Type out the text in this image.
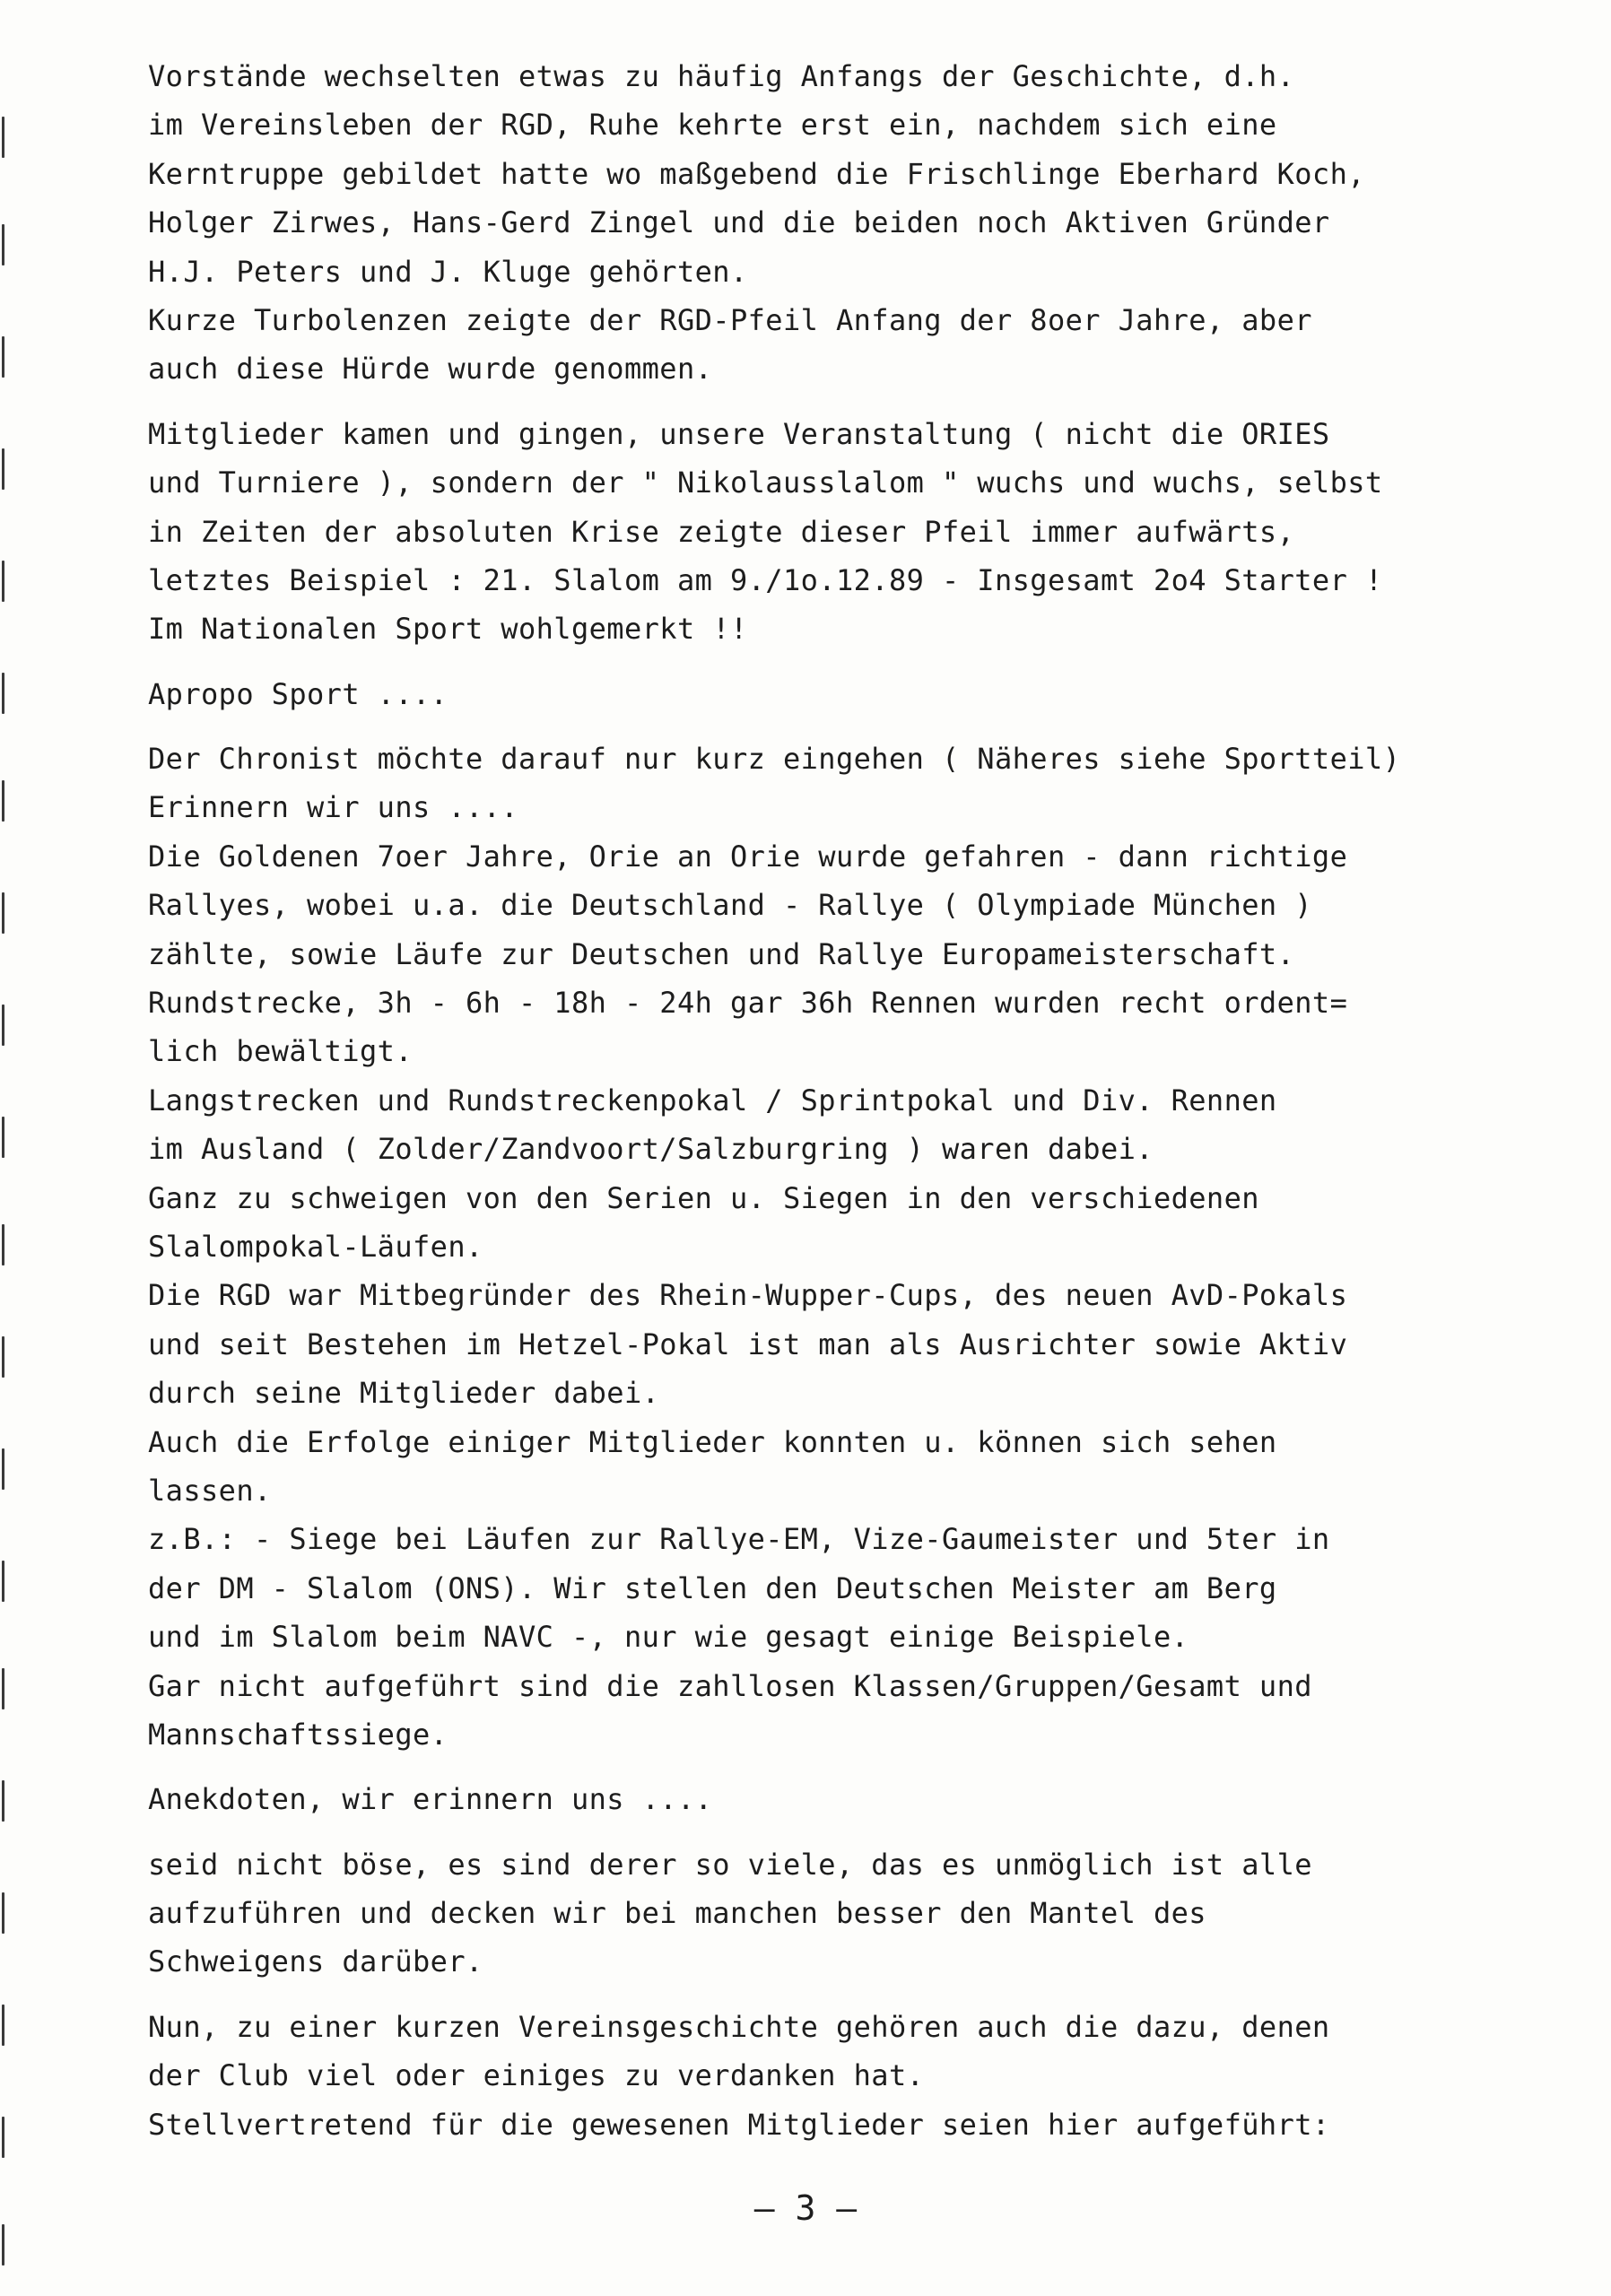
Vorstände wechselten etwas zu häufig Anfangs der Geschichte, d.h.
im Vereinsleben der RGD, Ruhe kehrte erst ein, nachdem sich eine
Kerntruppe gebildet hatte wo maßgebend die Frischlinge Eberhard Koch,
Holger Zirwes, Hans-Gerd Zingel und die beiden noch Aktiven Gründer
H.J. Peters und J. Kluge gehörten.
Kurze Turbolenzen zeigte der RGD-Pfeil Anfang der 8oer Jahre, aber
auch diese Hürde wurde genommen.
Mitglieder kamen und gingen, unsere Veranstaltung ( nicht die ORIES
und Turniere ), sondern der " Nikolausslalom " wuchs und wuchs, selbst
in Zeiten der absoluten Krise zeigte dieser Pfeil immer aufwärts,
letztes Beispiel : 21. Slalom am 9./1o.12.89 - Insgesamt 2o4 Starter !
Im Nationalen Sport wohlgemerkt !!
Apropo Sport ....
Der Chronist möchte darauf nur kurz eingehen ( Näheres siehe Sportteil)
Erinnern wir uns ....
Die Goldenen 7oer Jahre, Orie an Orie wurde gefahren - dann richtige
Rallyes, wobei u.a. die Deutschland - Rallye ( Olympiade München )
zählte, sowie Läufe zur Deutschen und Rallye Europameisterschaft.
Rundstrecke, 3h - 6h - 18h - 24h gar 36h Rennen wurden recht ordent=
lich bewältigt.
Langstrecken und Rundstreckenpokal / Sprintpokal und Div. Rennen
im Ausland ( Zolder/Zandvoort/Salzburgring ) waren dabei.
Ganz zu schweigen von den Serien u. Siegen in den verschiedenen
Slalompokal-Läufen.
Die RGD war Mitbegründer des Rhein-Wupper-Cups, des neuen AvD-Pokals
und seit Bestehen im Hetzel-Pokal ist man als Ausrichter sowie Aktiv
durch seine Mitglieder dabei.
Auch die Erfolge einiger Mitglieder konnten u. können sich sehen
lassen.
z.B.: - Siege bei Läufen zur Rallye-EM, Vize-Gaumeister und 5ter in
der DM - Slalom (ONS). Wir stellen den Deutschen Meister am Berg
und im Slalom beim NAVC -, nur wie gesagt einige Beispiele.
Gar nicht aufgeführt sind die zahllosen Klassen/Gruppen/Gesamt und
Mannschaftssiege.
Anekdoten, wir erinnern uns ....
seid nicht böse, es sind derer so viele, das es unmöglich ist alle
aufzuführen und decken wir bei manchen besser den Mantel des
Schweigens darüber.
Nun, zu einer kurzen Vereinsgeschichte gehören auch die dazu, denen
der Club viel oder einiges zu verdanken hat.
Stellvertretend für die gewesenen Mitglieder seien hier aufgeführt:
— 3 —
